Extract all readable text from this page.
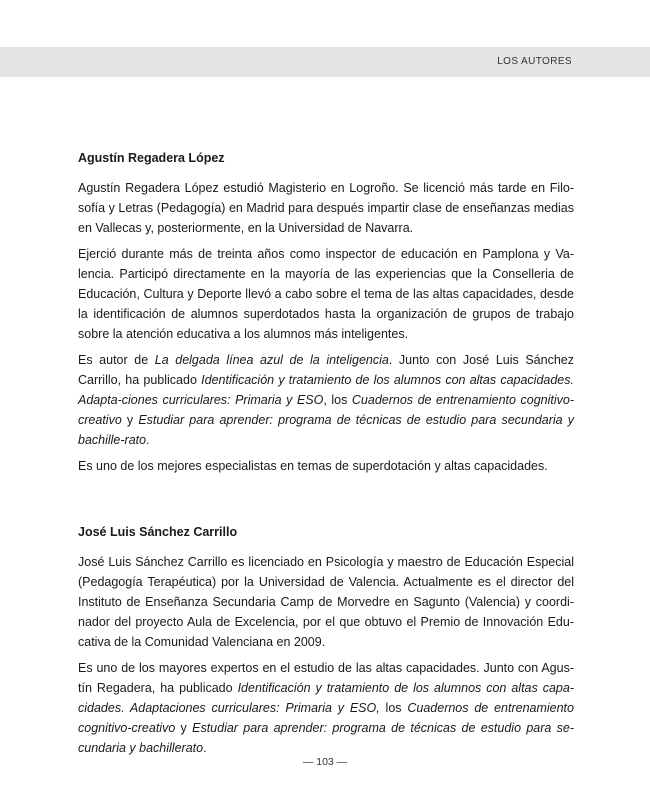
LOS AUTORES
Agustín Regadera López

Agustín Regadera López estudió Magisterio en Logroño. Se licenció más tarde en Filo-sofía y Letras (Pedagogía) en Madrid para después impartir clase de enseñanzas medias en Vallecas y, posteriormente, en la Universidad de Navarra.

Ejerció durante más de treinta años como inspector de educación en Pamplona y Va-lencia. Participó directamente en la mayoría de las experiencias que la Conselleria de Educación, Cultura y Deporte llevó a cabo sobre el tema de las altas capacidades, desde la identificación de alumnos superdotados hasta la organización de grupos de trabajo sobre la atención educativa a los alumnos más inteligentes.

Es autor de La delgada línea azul de la inteligencia. Junto con José Luis Sánchez Carrillo, ha publicado Identificación y tratamiento de los alumnos con altas capacidades. Adapta-ciones curriculares: Primaria y ESO, los Cuadernos de entrenamiento cognitivo-creativo y Estudiar para aprender: programa de técnicas de estudio para secundaria y bachille-rato.

Es uno de los mejores especialistas en temas de superdotación y altas capacidades.

José Luis Sánchez Carrillo

José Luis Sánchez Carrillo es licenciado en Psicología y maestro de Educación Especial (Pedagogía Terapéutica) por la Universidad de Valencia. Actualmente es el director del Instituto de Enseñanza Secundaria Camp de Morvedre en Sagunto (Valencia) y coordi-nador del proyecto Aula de Excelencia, por el que obtuvo el Premio de Innovación Edu-cativa de la Comunidad Valenciana en 2009.

Es uno de los mayores expertos en el estudio de las altas capacidades. Junto con Agus-tín Regadera, ha publicado Identificación y tratamiento de los alumnos con altas capa-cidades. Adaptaciones curriculares: Primaria y ESO, los Cuadernos de entrenamiento cognitivo-creativo y Estudiar para aprender: programa de técnicas de estudio para se-cundaria y bachillerato.

— 103 —
